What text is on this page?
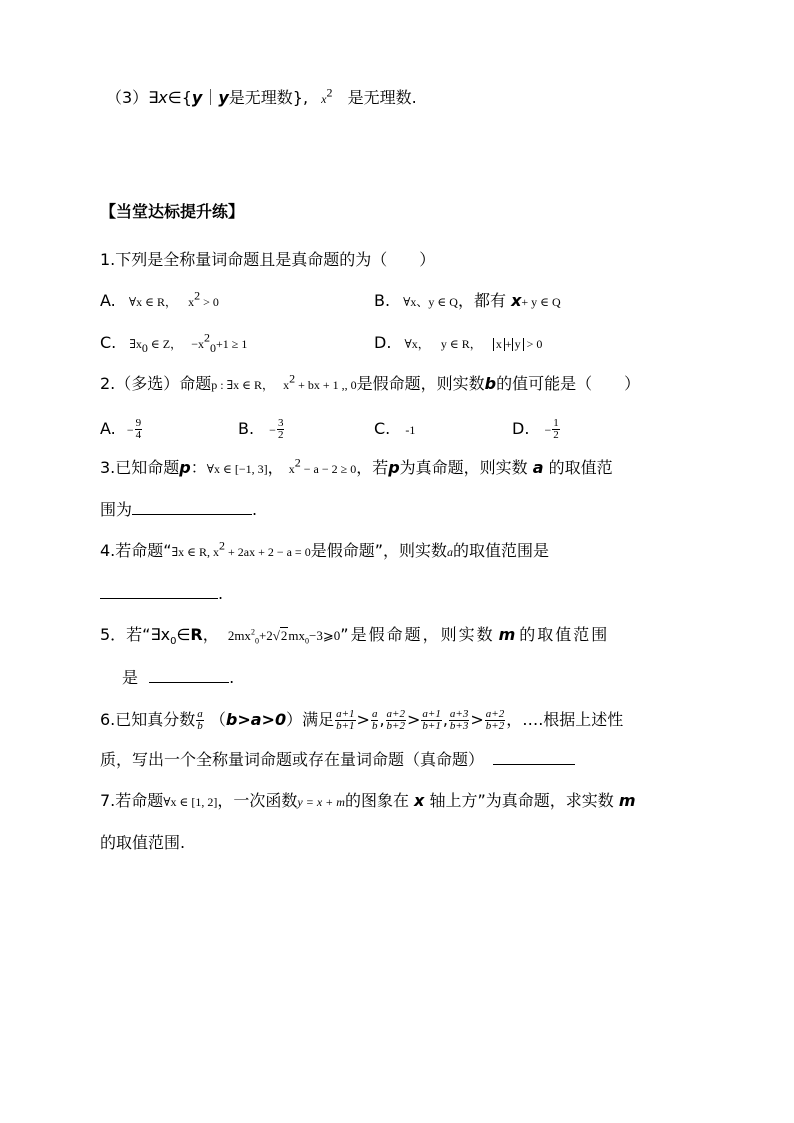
（3）∃x∈{y｜y是无理数}, $x^2$ 是无理数.
【当堂达标提升练】
1.下列是全称量词命题且是真命题的为（　　）
A. ∀x ∈ R， $x^2 > 0$	B. ∀x、y ∈ Q，都有 x+ y ∈ Q
C. $\exists x_0$ ∈ Z， $-x^2_0+1 \ge 1$	D. ∀x， y ∈ R， x + y > 0
2.（多选）命题p : ∃x ∈ R， $x^2$ + bx + 1 ,, 0是假命题，则实数b的值可能是（　　）
A. − $\frac{9}{4}$	B. − $\frac{3}{2}$	C. -1	D. − $\frac{1}{2}$
3.已知命题p：∀x ∈ [−1, 3]， $x^2 - a - 2 \ge 0$，若p为真命题，则实数 a 的取值范
围为	.
4.若命题“∃x ∈ R, $x^2 + 2ax + 2 - a = 0$是假命题”，则实数a的取值范围是
.
5．若“$\exists x_0\in R$， $2mx^2_0+2√2mx_0-3⩾0$”是假命题，则实数 m 的取值范围
是	.
6.已知真分数 $\frac{a}{b} (b>a>0)$满足 $\frac{a+1}{b+1} > \frac{a}{b}$ , $\frac{a+2}{b+2} > \frac{a+1}{b+1}$ , $\frac{a+3}{b+3} > \frac{a+2}{b+2}$ ，….根据上述性
质，写出一个全称量词命题或存在量词命题（真命题）
7.若命题∀x ∈ [1, 2]，一次函数y = x + m的图象在 x 轴上方”为真命题，求实数 m
的取值范围.
